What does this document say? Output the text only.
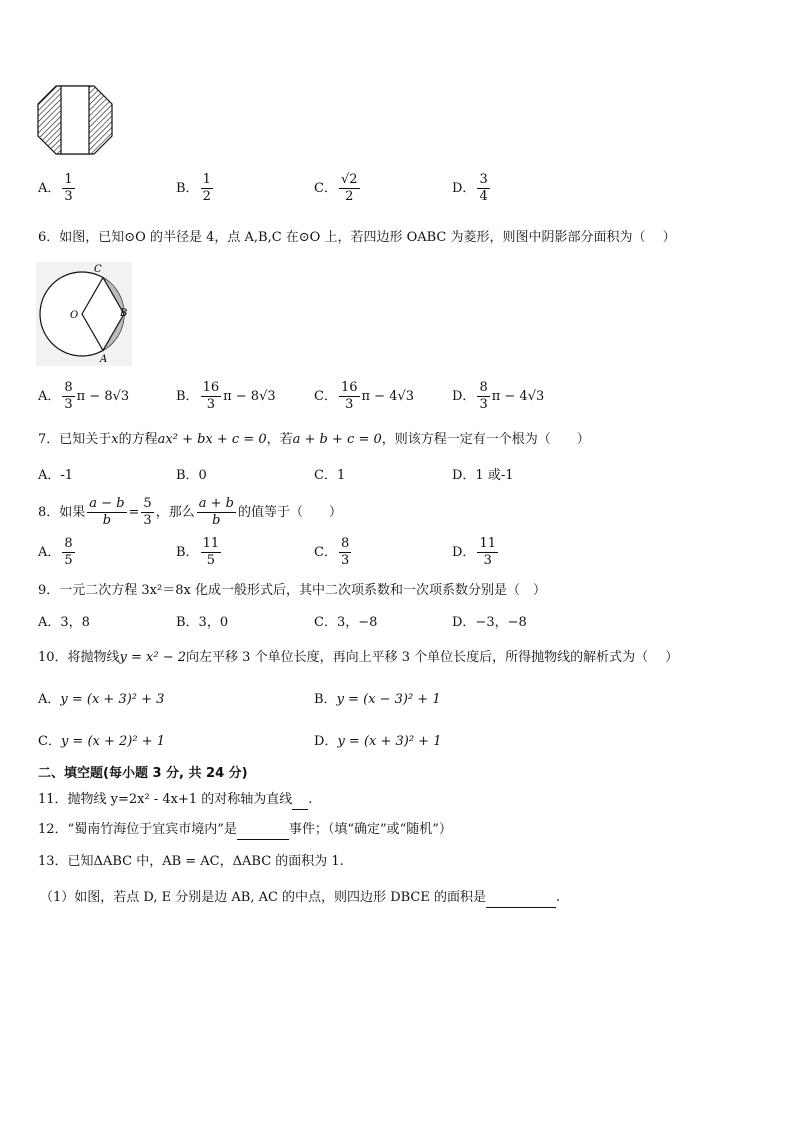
A． $\frac{1}{3}$	B． $\frac{1}{2}$	C． $\frac{√2}{2}$	D． $\frac{3}{4}$
6．如图，已知⊙O 的半径是 4，点 A,B,C 在⊙O 上，若四边形 OABC 为菱形，则图中阴影部分面积为（　 ）
C
O	B
A
A． $\frac{8}{3}$ π − 8√3	B． $\frac{16}{3}$ π − 8√3	C． $\frac{16}{3}$ π − 4√3	D． $\frac{8}{3}$ π − 4√3
7．已知关于x的方程ax² + bx + c = 0，若a + b + c = 0，则该方程一定有一个根为（　　）
A．-1	B．0	C．1	D．1 或-1
8．如果 $\frac{a - b}{b} = \frac{5}{3}$ ，那么 $\frac{a + b}{b}$ 的值等于（　　）
A． $\frac{8}{5}$	B． $\frac{11}{5}$	C． $\frac{8}{3}$	D． $\frac{11}{3}$
9．一元二次方程 3x²＝8x 化成一般形式后，其中二次项系数和一次项系数分别是（　）
A．3，8	B．3，0	C．3，−8	D．−3，−8
10．将抛物线y = x² − 2向左平移 3 个单位长度，再向上平移 3 个单位长度后，所得抛物线的解析式为（　 ）
A．y = (x + 3)² + 3	B．y = (x − 3)² + 1
C．y = (x + 2)² + 1	D．y = (x + 3)² + 1
二、填空题(每小题 3 分, 共 24 分)
11．抛物线 y=2x² - 4x+1 的对称轴为直线 .
12．“蜀南竹海位于宜宾市境内”是	事件；（填“确定”或“随机”）
13．已知ΔABC 中，AB = AC，ΔABC 的面积为 1.
（1）如图，若点 D, E 分别是边 AB, AC 的中点，则四边形 DBCE 的面积是	.
